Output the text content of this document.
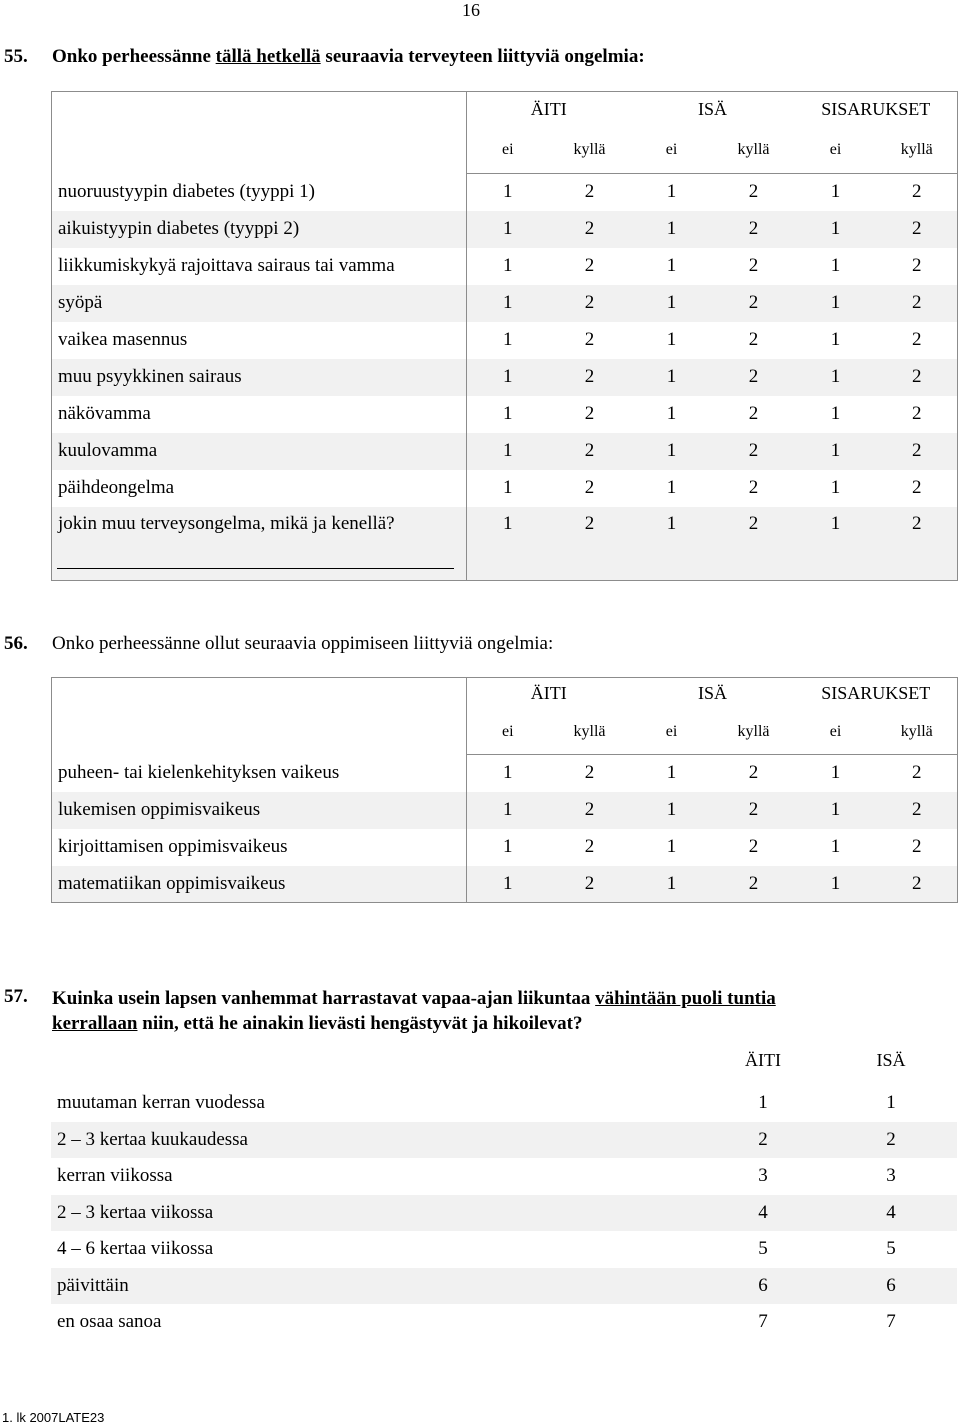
16
55. Onko perheessänne tällä hetkellä seuraavia terveyteen liittyviä ongelmia:
	ÄITI		ISÄ		SISARUKSET	
	ei	kyllä	ei	kyllä	ei	kyllä
nuoruustyypin diabetes (tyyppi 1)	1	2	1	2	1	2
aikuistyypin diabetes (tyyppi 2)	1	2	1	2	1	2
liikkumiskykyä rajoittava sairaus tai vamma	1	2	1	2	1	2
syöpä	1	2	1	2	1	2
vaikea masennus	1	2	1	2	1	2
muu psyykkinen sairaus	1	2	1	2	1	2
näkövamma	1	2	1	2	1	2
kuulovamma	1	2	1	2	1	2
päihdeongelma	1	2	1	2	1	2
jokin muu terveysongelma, mikä ja kenellä?	1	2	1	2	1	2
56. Onko perheessänne ollut seuraavia oppimiseen liittyviä ongelmia:
	ÄITI		ISÄ		SISARUKSET	
	ei	kyllä	ei	kyllä	ei	kyllä
puheen- tai kielenkehityksen vaikeus	1	2	1	2	1	2
lukemisen oppimisvaikeus	1	2	1	2	1	2
kirjoittamisen oppimisvaikeus	1	2	1	2	1	2
matematiikan oppimisvaikeus	1	2	1	2	1	2
57. Kuinka usein lapsen vanhemmat harrastavat vapaa-ajan liikuntaa vähintään puoli tuntia
kerrallaan niin, että he ainakin lievästi hengästyvät ja hikoilevat?
ÄITI	ISÄ
muutaman kerran vuodessa	1		1	
2 – 3 kertaa kuukaudessa	2		2	
kerran viikossa	3		3	
2 – 3 kertaa viikossa	4		4	
4 – 6 kertaa viikossa	5		5	
päivittäin	6		6	
en osaa sanoa	7		7	
1. lk 2007LATE23
